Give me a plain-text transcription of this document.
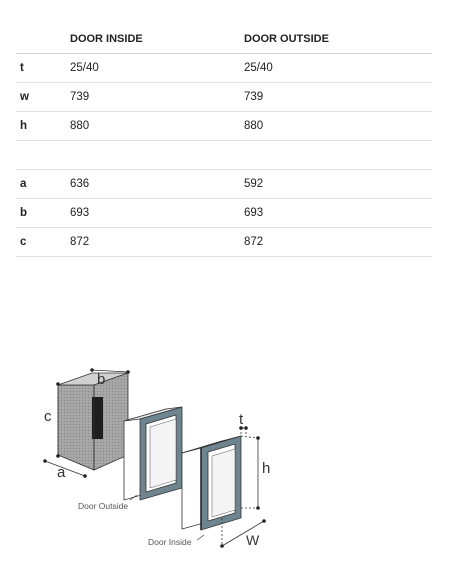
	DOOR INSIDE	DOOR OUTSIDE
t	25/40	25/40
w	739	739
h	880	880

a	636	592
b	693	693
c	872	872
b
c
a
Door Outside
Door Inside
t
h
W
